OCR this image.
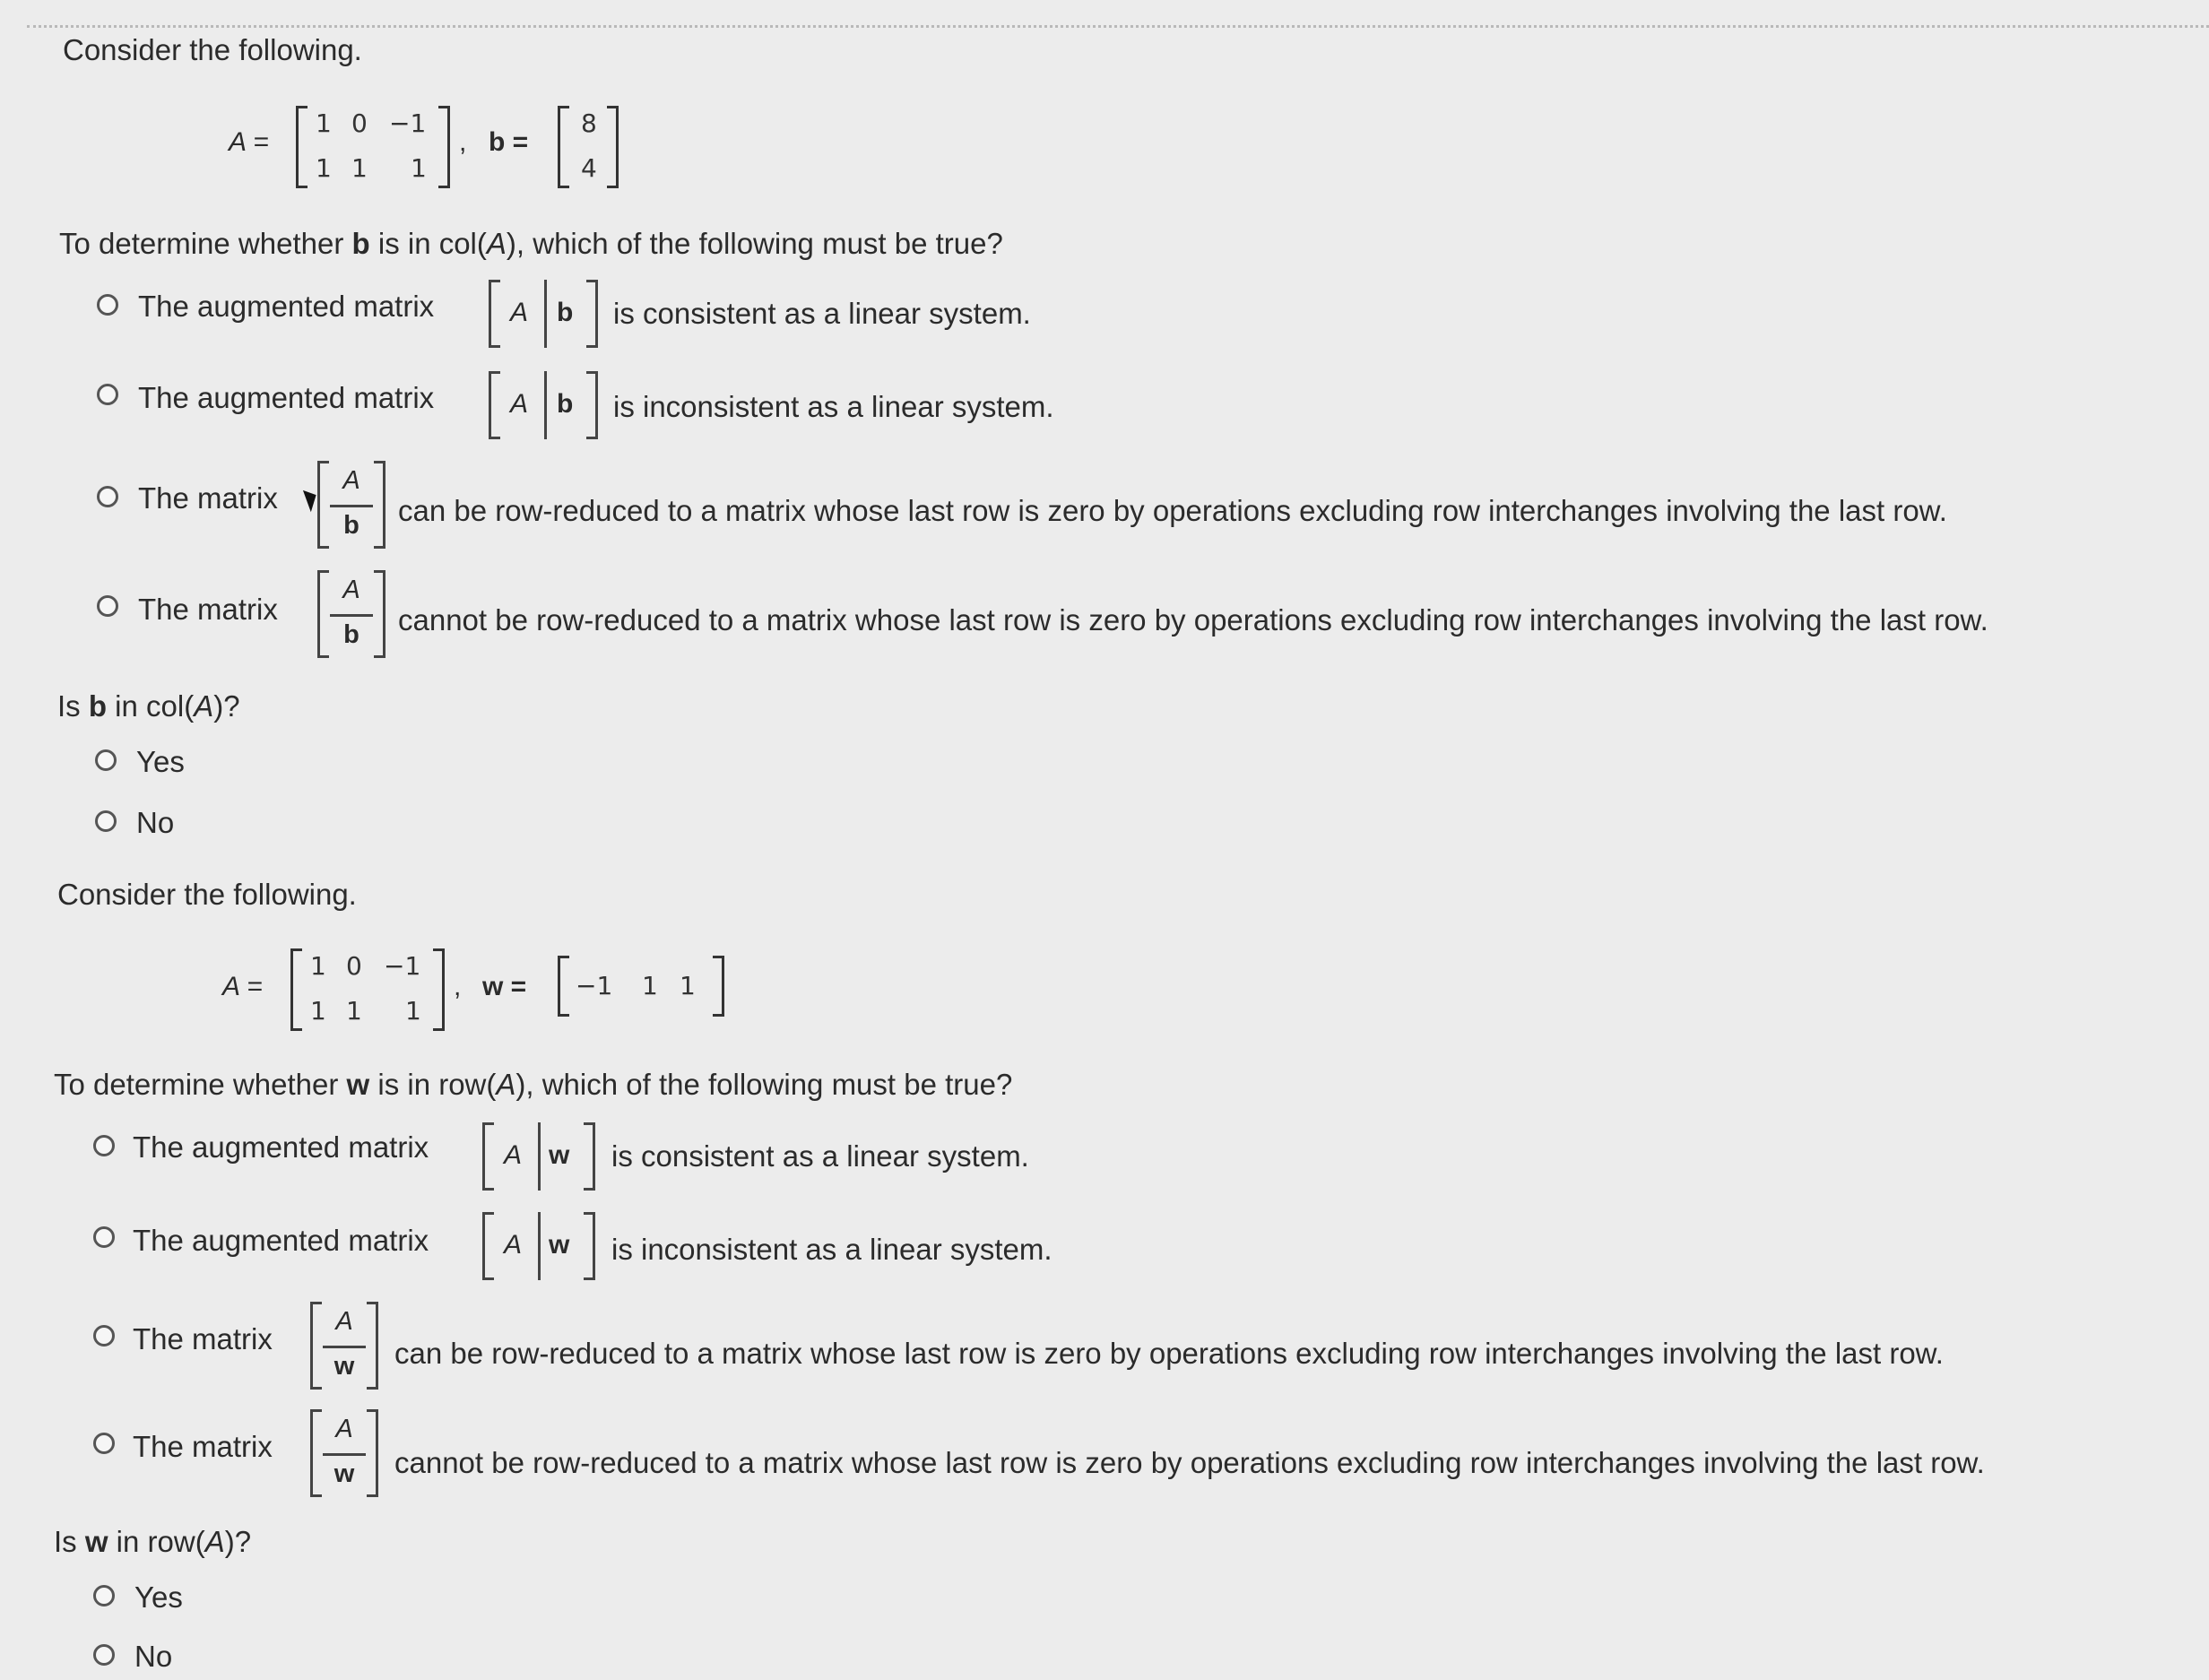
Consider the following.
A =
1 0 −1
1 1 1
, b =
8
4
To determine whether b is in col(A), which of the following must be true?
The augmented matrix	A b is consistent as a linear system.
The augmented matrix	A b is inconsistent as a linear system.
The matrix
A
b	can be row-reduced to a matrix whose last row is zero by operations excluding row interchanges involving the last row.
The matrix
A
b	cannot be row-reduced to a matrix whose last row is zero by operations excluding row interchanges involving the last row.
Is b in col(A)?
Yes
No
Consider the following.
A =
1 0 −1
1 1 1
, w = −1 1 1
To determine whether w is in row(A), which of the following must be true?
The augmented matrix	A w is consistent as a linear system.
The augmented matrix	A w is inconsistent as a linear system.
The matrix
A
w	can be row-reduced to a matrix whose last row is zero by operations excluding row interchanges involving the last row.
The matrix
A
w	cannot be row-reduced to a matrix whose last row is zero by operations excluding row interchanges involving the last row.
Is w in row(A)?
Yes
No
